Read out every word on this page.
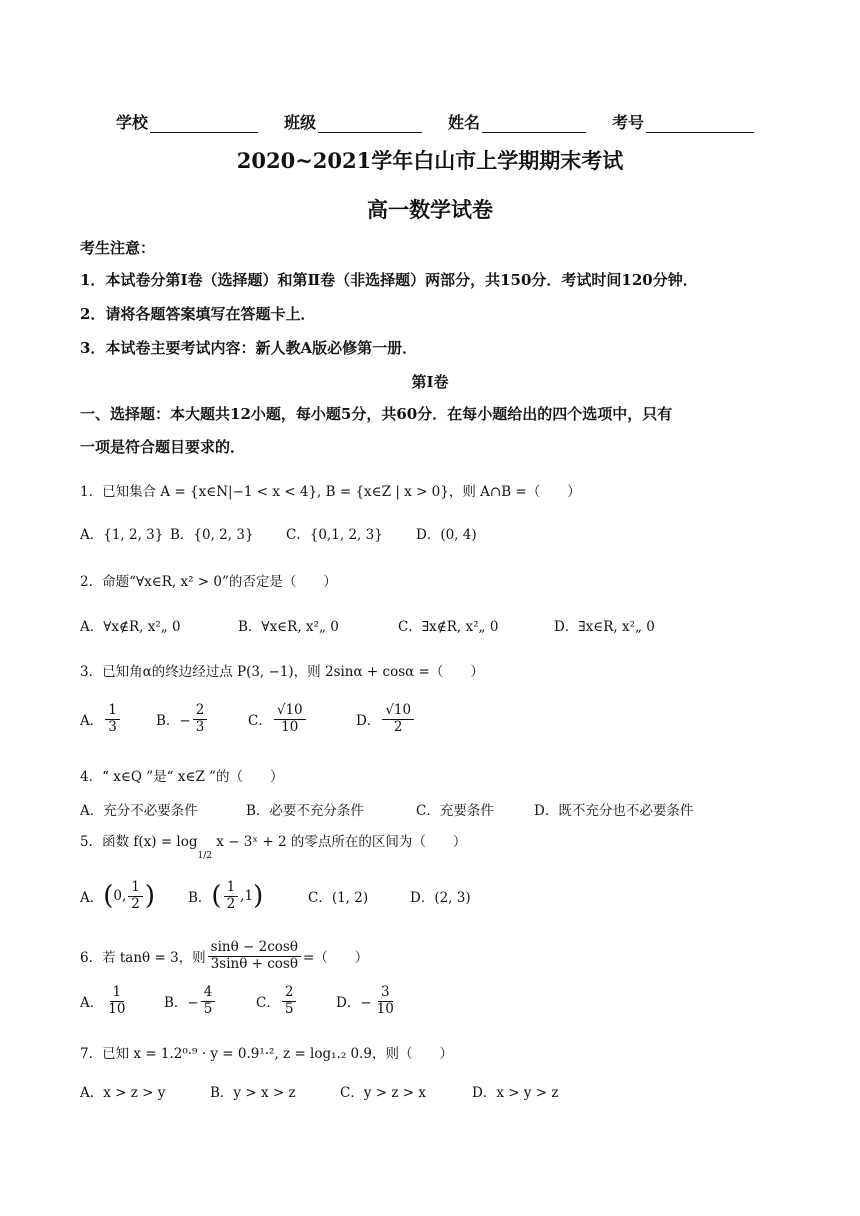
学校	班级	姓名	考号
2020~2021学年白山市上学期期末考试
高一数学试卷
考生注意：
1．本试卷分第Ⅰ卷（选择题）和第Ⅱ卷（非选择题）两部分，共150分．考试时间120分钟．
2．请将各题答案填写在答题卡上．
3．本试卷主要考试内容：新人教A版必修第一册．
第Ⅰ卷
一、选择题：本大题共12小题，每小题5分，共60分．在每小题给出的四个选项中，只有
一项是符合题目要求的．
1．已知集合 A = {x∈N|−1 < x < 4}, B = {x∈Z | x > 0}，则 A∩B =（　　）
A．{1, 2, 3} B．{0, 2, 3}	C．{0,1, 2, 3}	D．(0, 4)
2．命题“∀x∈R, x² > 0”的否定是（　　）
A．∀x∉R, x²„ 0	B．∀x∈R, x²„ 0	C．∃x∉R, x²„ 0	D．∃x∈R, x²„ 0
3．已知角α的终边经过点 P(3, −1)，则 2sinα + cosα =（　　）
A． $\frac{1}{3}$	B．− $\frac{2}{3}$	C． $\frac{√10}{10}$	D． $\frac{√10}{2}$
4．“ x∈Q ”是“ x∈Z ”的（　　）
A．充分不必要条件	B．必要不充分条件	C．充要条件	D．既不充分也不必要条件
5．函数 $f(x) = \log_{1/2} x$ − 3ˣ + 2 的零点所在的区间为（　　）
A． ( 0, $\frac{1}{2}$ ) B． ( $\frac{1}{2} ,1$ )	C．(1, 2)	D．(2, 3)
6．若 tanθ = 3，则 $\frac{\sin\theta - 2\cos\theta}{3\sin\theta + \cos\theta}$ =（　　）
A． $\frac{1}{10}$	B．− $\frac{4}{5}$	C． $\frac{2}{5}$	D．− $\frac{3}{10}$
7．已知 x = 1.2⁰·⁹ · y = 0.9¹·², z = log₁.₂ 0.9，则（　　）
A．x > z > y	B．y > x > z	C．y > z > x	D．x > y > z
